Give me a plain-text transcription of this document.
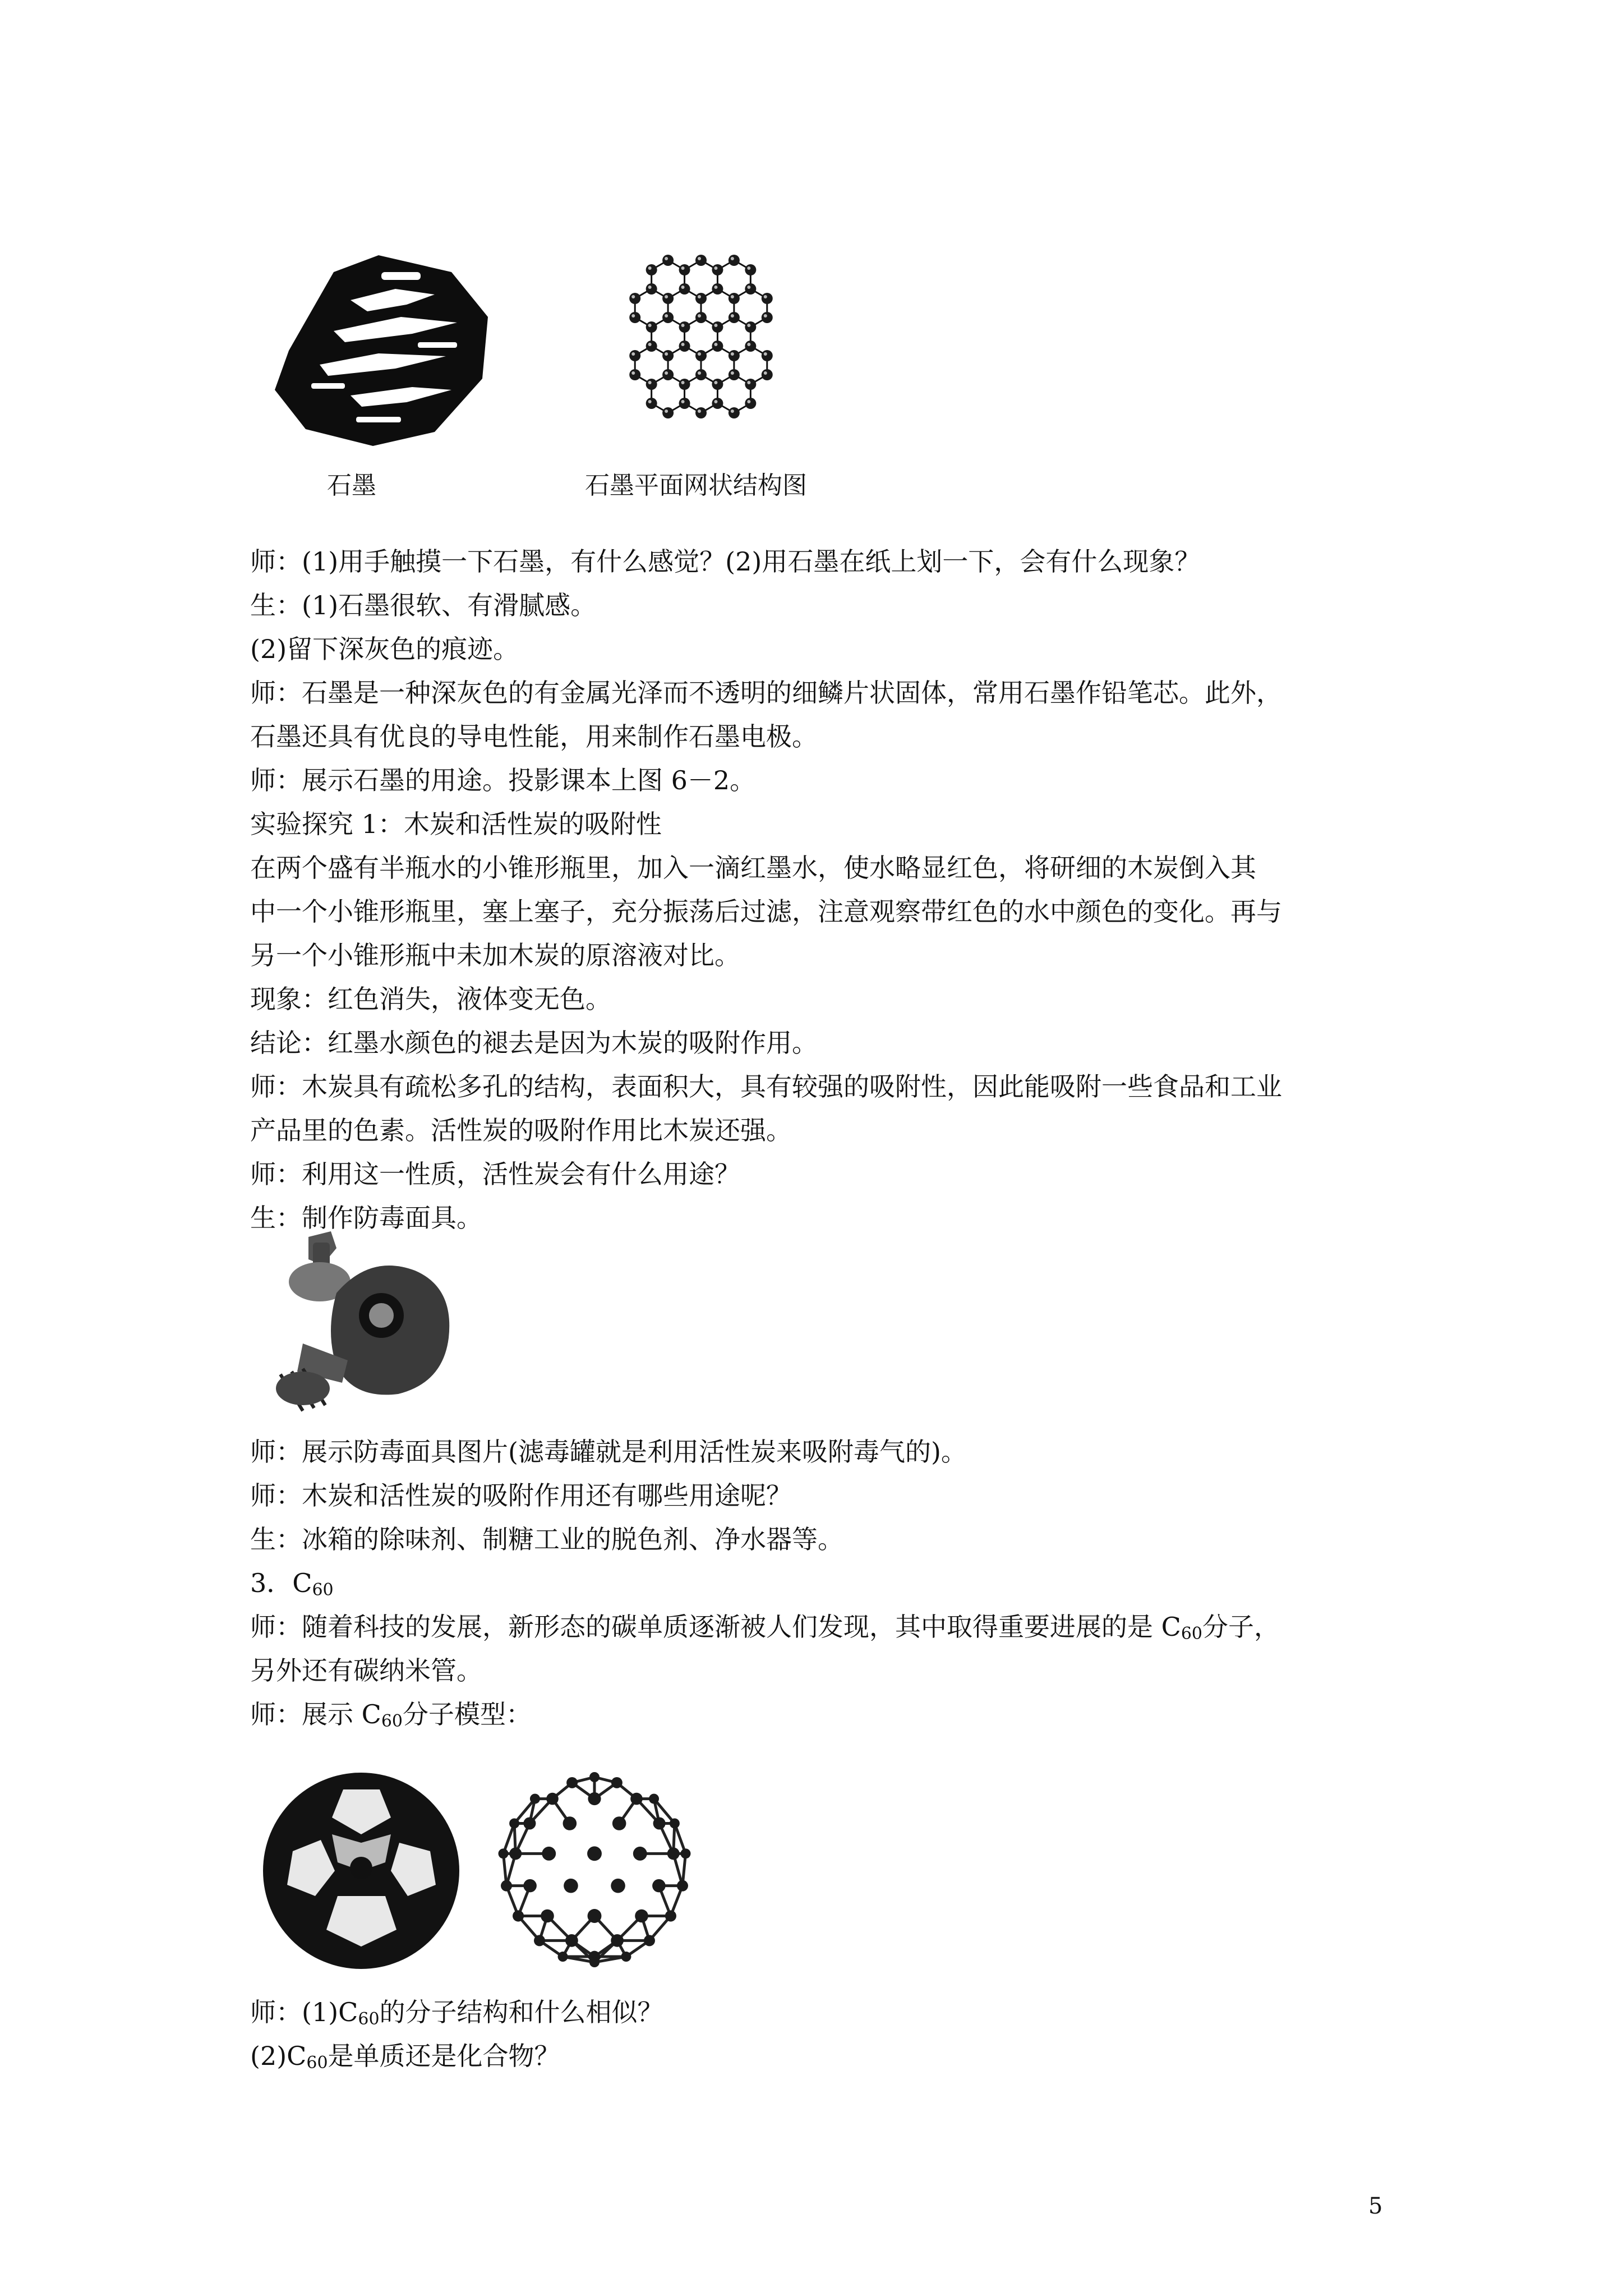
石墨	石墨平面网状结构图
师：(1)用手触摸一下石墨，有什么感觉？(2)用石墨在纸上划一下，会有什么现象？
生：(1)石墨很软、有滑腻感。
(2)留下深灰色的痕迹。
师：石墨是一种深灰色的有金属光泽而不透明的细鳞片状固体，常用石墨作铅笔芯。此外，
石墨还具有优良的导电性能，用来制作石墨电极。
师：展示石墨的用途。投影课本上图 6－2。
实验探究 1：木炭和活性炭的吸附性
在两个盛有半瓶水的小锥形瓶里，加入一滴红墨水，使水略显红色，将研细的木炭倒入其
中一个小锥形瓶里，塞上塞子，充分振荡后过滤，注意观察带红色的水中颜色的变化。再与
另一个小锥形瓶中未加木炭的原溶液对比。
现象：红色消失，液体变无色。
结论：红墨水颜色的褪去是因为木炭的吸附作用。
师：木炭具有疏松多孔的结构，表面积大，具有较强的吸附性，因此能吸附一些食品和工业
产品里的色素。活性炭的吸附作用比木炭还强。
师：利用这一性质，活性炭会有什么用途？
生：制作防毒面具。
师：展示防毒面具图片(滤毒罐就是利用活性炭来吸附毒气的)。
师：木炭和活性炭的吸附作用还有哪些用途呢？
生：冰箱的除味剂、制糖工业的脱色剂、净水器等。
3．$C_{60}$
师：随着科技的发展，新形态的碳单质逐渐被人们发现，其中取得重要进展的是 $C_{60}$分子，
另外还有碳纳米管。
师：展示 $C_{60}$分子模型：
师：$(1)C_{60}$的分子结构和什么相似？
$(2)C_{60}$是单质还是化合物？
5
